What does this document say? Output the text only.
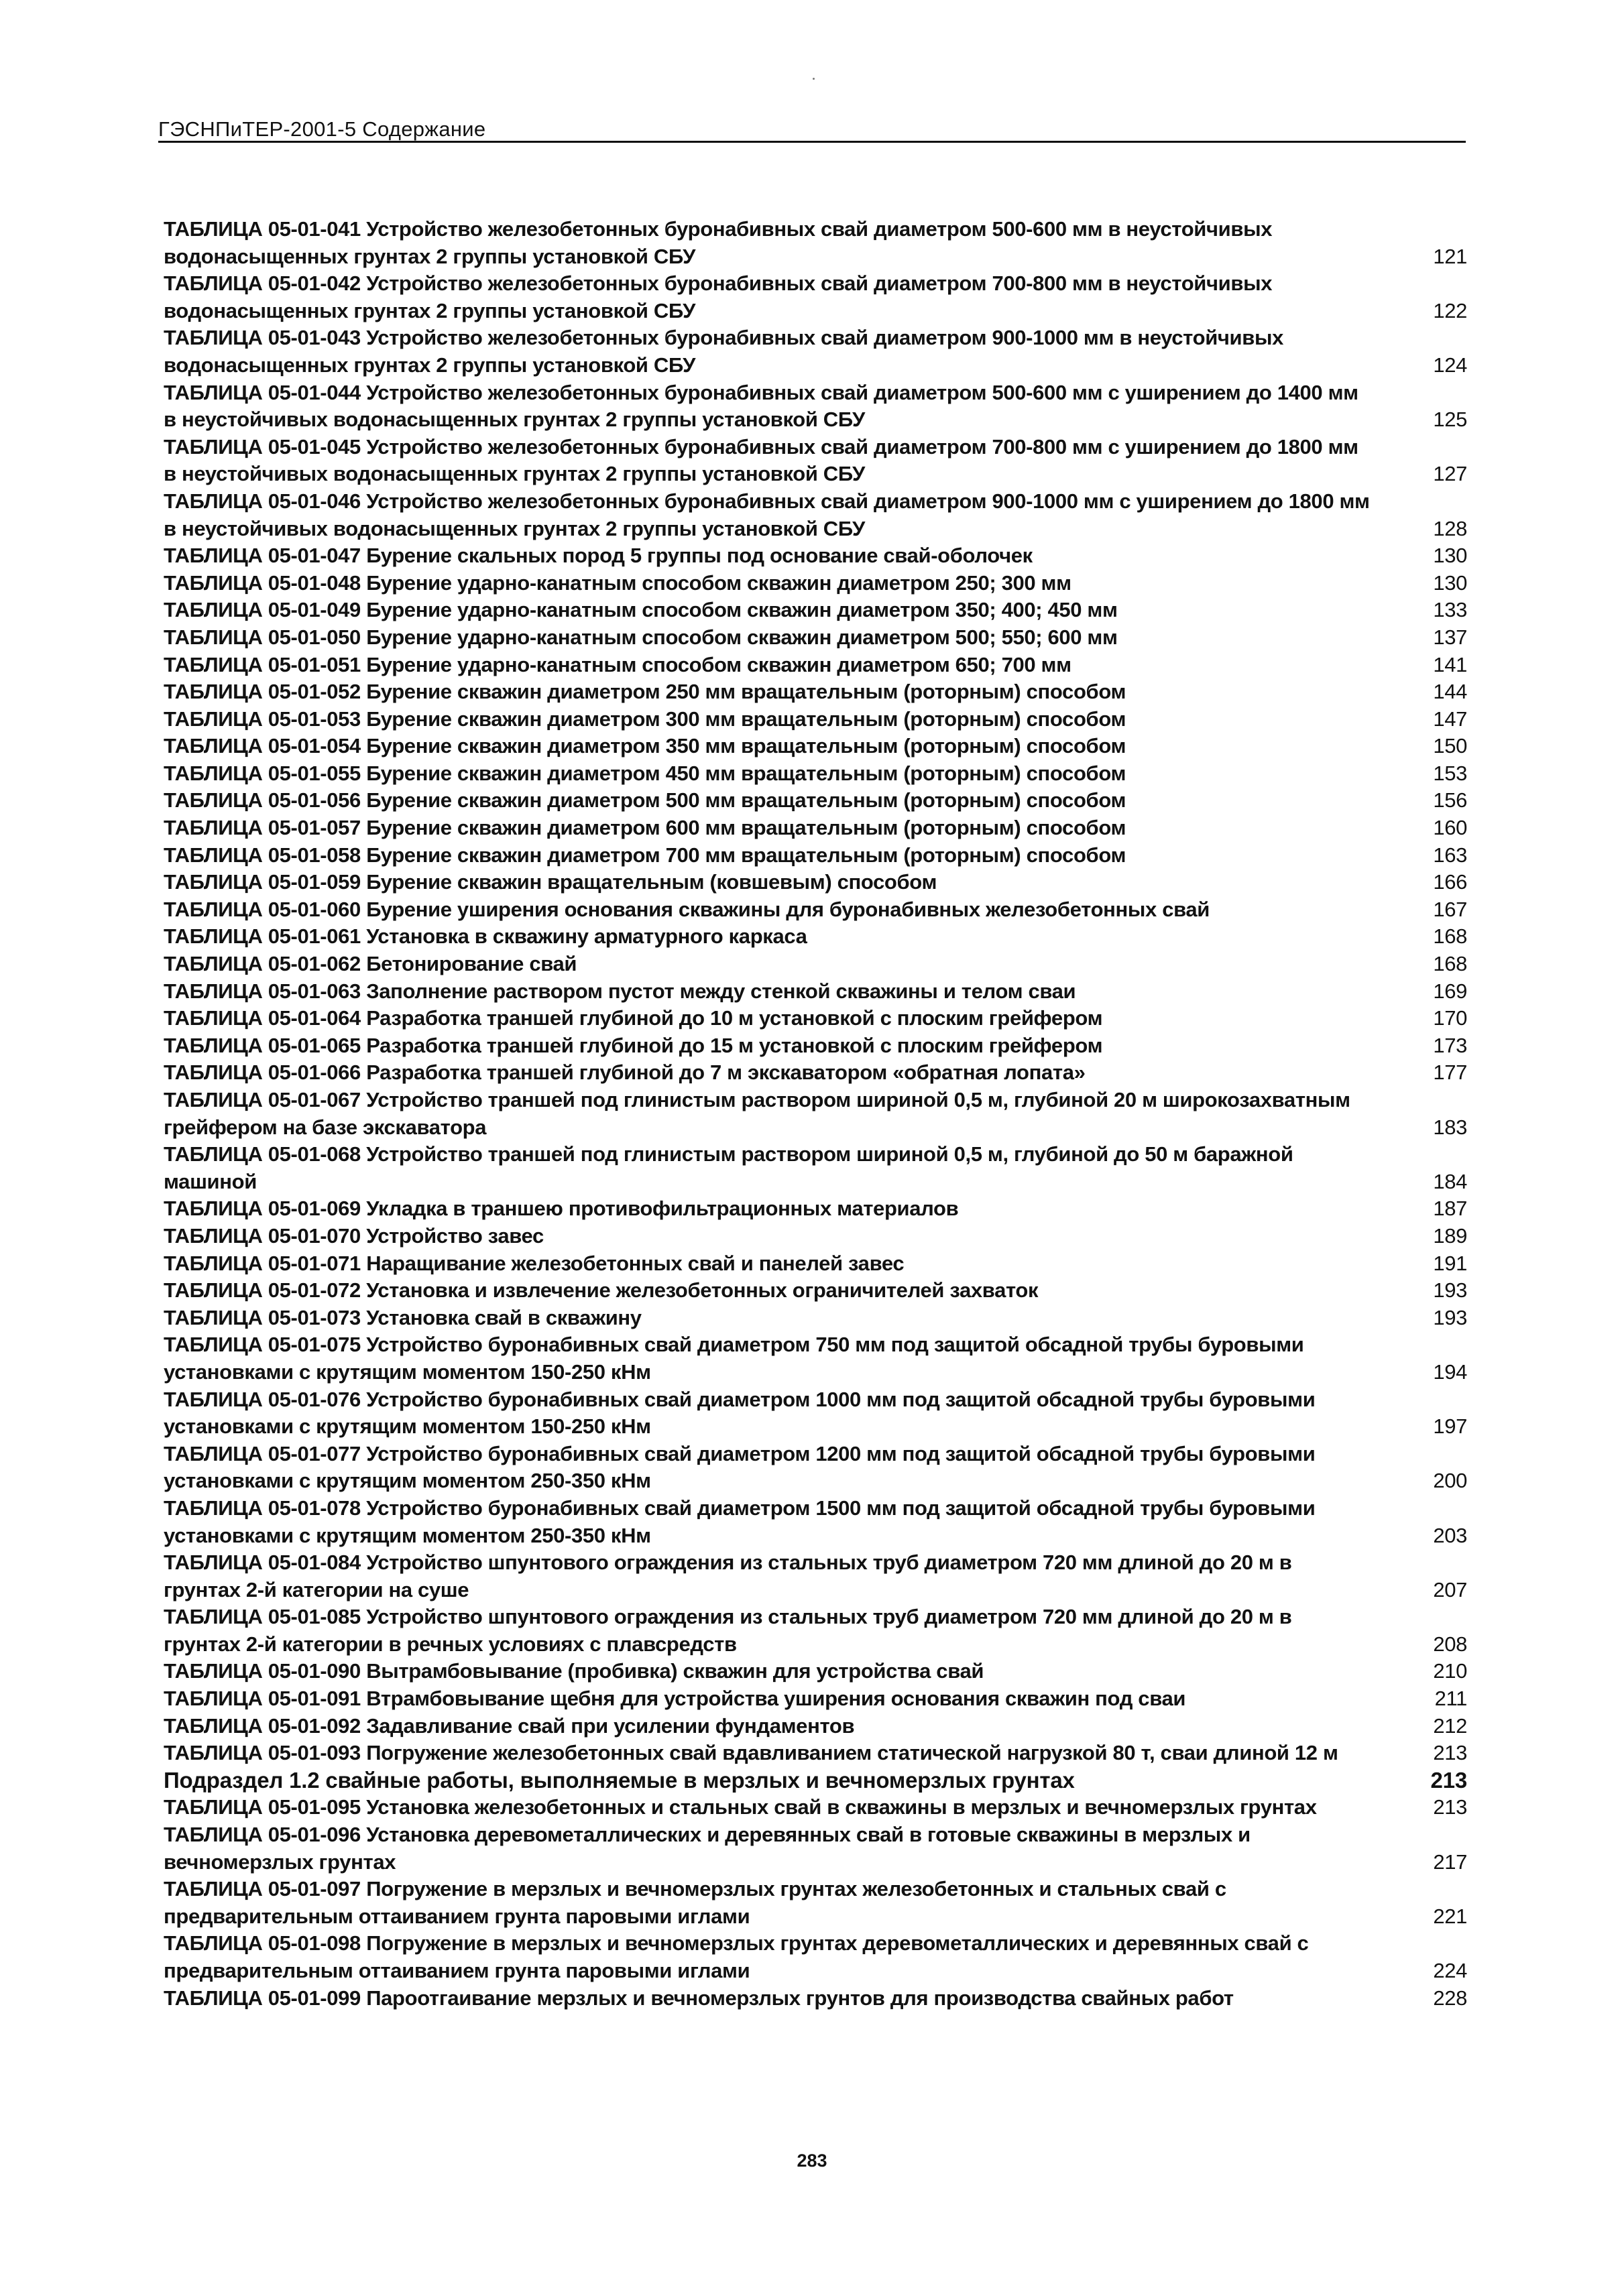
ГЭСНПиТЕР-2001-5 Содержание
ТАБЛИЦА 05-01-041 Устройство железобетонных буронабивных свай диаметром 500-600 мм в неустойчивых водонасыщенных грунтах 2 группы установкой СБУ	121
ТАБЛИЦА 05-01-042 Устройство железобетонных буронабивных свай диаметром 700-800 мм в неустойчивых водонасыщенных грунтах 2 группы установкой СБУ	122
ТАБЛИЦА 05-01-043 Устройство железобетонных буронабивных свай диаметром 900-1000 мм в неустойчивых водонасыщенных грунтах 2 группы установкой СБУ	124
ТАБЛИЦА 05-01-044 Устройство железобетонных буронабивных свай диаметром 500-600 мм с уширением до 1400 мм в неустойчивых водонасыщенных грунтах 2 группы установкой СБУ	125
ТАБЛИЦА 05-01-045 Устройство железобетонных буронабивных свай диаметром 700-800 мм с уширением до 1800 мм в неустойчивых водонасыщенных грунтах 2 группы установкой СБУ	127
ТАБЛИЦА 05-01-046 Устройство железобетонных буронабивных свай диаметром 900-1000 мм с уширением до 1800 мм в неустойчивых водонасыщенных грунтах 2 группы установкой СБУ	128
ТАБЛИЦА 05-01-047 Бурение скальных пород 5 группы под основание свай-оболочек	130
ТАБЛИЦА 05-01-048 Бурение ударно-канатным способом скважин диаметром 250; 300 мм	130
ТАБЛИЦА 05-01-049 Бурение ударно-канатным способом скважин диаметром 350; 400; 450 мм	133
ТАБЛИЦА 05-01-050 Бурение ударно-канатным способом скважин диаметром 500; 550; 600 мм	137
ТАБЛИЦА 05-01-051 Бурение ударно-канатным способом скважин диаметром 650; 700 мм	141
ТАБЛИЦА 05-01-052 Бурение скважин диаметром 250 мм вращательным (роторным) способом	144
ТАБЛИЦА 05-01-053 Бурение скважин диаметром 300 мм вращательным (роторным) способом	147
ТАБЛИЦА 05-01-054 Бурение скважин диаметром 350 мм вращательным (роторным) способом	150
ТАБЛИЦА 05-01-055 Бурение скважин диаметром 450 мм вращательным (роторным) способом	153
ТАБЛИЦА 05-01-056 Бурение скважин диаметром 500 мм вращательным (роторным) способом	156
ТАБЛИЦА 05-01-057 Бурение скважин диаметром 600 мм вращательным (роторным) способом	160
ТАБЛИЦА 05-01-058 Бурение скважин диаметром 700 мм вращательным (роторным) способом	163
ТАБЛИЦА 05-01-059 Бурение скважин вращательным (ковшевым) способом	166
ТАБЛИЦА 05-01-060 Бурение уширения основания скважины для буронабивных железобетонных свай	167
ТАБЛИЦА 05-01-061 Установка в скважину арматурного каркаса	168
ТАБЛИЦА 05-01-062 Бетонирование свай	168
ТАБЛИЦА 05-01-063 Заполнение раствором пустот между стенкой скважины и телом сваи	169
ТАБЛИЦА 05-01-064 Разработка траншей глубиной до 10 м установкой с плоским грейфером	170
ТАБЛИЦА 05-01-065 Разработка траншей глубиной до 15 м установкой с плоским грейфером	173
ТАБЛИЦА 05-01-066 Разработка траншей глубиной до 7 м экскаватором «обратная лопата»	177
ТАБЛИЦА 05-01-067 Устройство траншей под глинистым раствором шириной 0,5 м, глубиной 20 м широкозахватным грейфером на базе экскаватора	183
ТАБЛИЦА 05-01-068 Устройство траншей под глинистым раствором шириной 0,5 м, глубиной до 50 м баражной машиной	184
ТАБЛИЦА 05-01-069 Укладка в траншею противофильтрационных материалов	187
ТАБЛИЦА 05-01-070 Устройство завес	189
ТАБЛИЦА 05-01-071 Наращивание железобетонных свай и панелей завес	191
ТАБЛИЦА 05-01-072 Установка и извлечение железобетонных ограничителей захваток	193
ТАБЛИЦА 05-01-073 Установка свай в скважину	193
ТАБЛИЦА 05-01-075 Устройство буронабивных свай диаметром 750 мм под защитой обсадной трубы буровыми установками с крутящим моментом 150-250 кНм	194
ТАБЛИЦА 05-01-076 Устройство буронабивных свай диаметром 1000 мм под защитой обсадной трубы буровыми установками с крутящим моментом 150-250 кНм	197
ТАБЛИЦА 05-01-077 Устройство буронабивных свай диаметром 1200 мм под защитой обсадной трубы буровыми установками с крутящим моментом 250-350 кНм	200
ТАБЛИЦА 05-01-078 Устройство буронабивных свай диаметром 1500 мм под защитой обсадной трубы буровыми установками с крутящим моментом 250-350 кНм	203
ТАБЛИЦА 05-01-084 Устройство шпунтового ограждения из стальных труб диаметром 720 мм длиной до 20 м в грунтах 2-й категории на суше	207
ТАБЛИЦА 05-01-085 Устройство шпунтового ограждения из стальных труб диаметром 720 мм длиной до 20 м в грунтах 2-й категории в речных условиях с плавсредств	208
ТАБЛИЦА 05-01-090 Вытрамбовывание (пробивка) скважин для устройства свай	210
ТАБЛИЦА 05-01-091 Втрамбовывание щебня для устройства уширения основания скважин под сваи	211
ТАБЛИЦА 05-01-092 Задавливание свай при усилении фундаментов	212
ТАБЛИЦА 05-01-093 Погружение железобетонных свай вдавливанием статической нагрузкой 80 т, сваи длиной 12 м	213
Подраздел 1.2 свайные работы, выполняемые в мерзлых и вечномерзлых грунтах	213
ТАБЛИЦА 05-01-095 Установка железобетонных и стальных свай в скважины в мерзлых и вечномерзлых грунтах	213
ТАБЛИЦА 05-01-096 Установка деревометаллических и деревянных свай в готовые скважины в мерзлых и вечномерзлых грунтах	217
ТАБЛИЦА 05-01-097 Погружение в мерзлых и вечномерзлых грунтах железобетонных и стальных свай с предварительным оттаиванием грунта паровыми иглами	221
ТАБЛИЦА 05-01-098 Погружение в мерзлых и вечномерзлых грунтах деревометаллических и деревянных свай с предварительным оттаиванием грунта паровыми иглами	224
ТАБЛИЦА 05-01-099 Пароотгаивание мерзлых и вечномерзлых грунтов для производства свайных работ	228
283
